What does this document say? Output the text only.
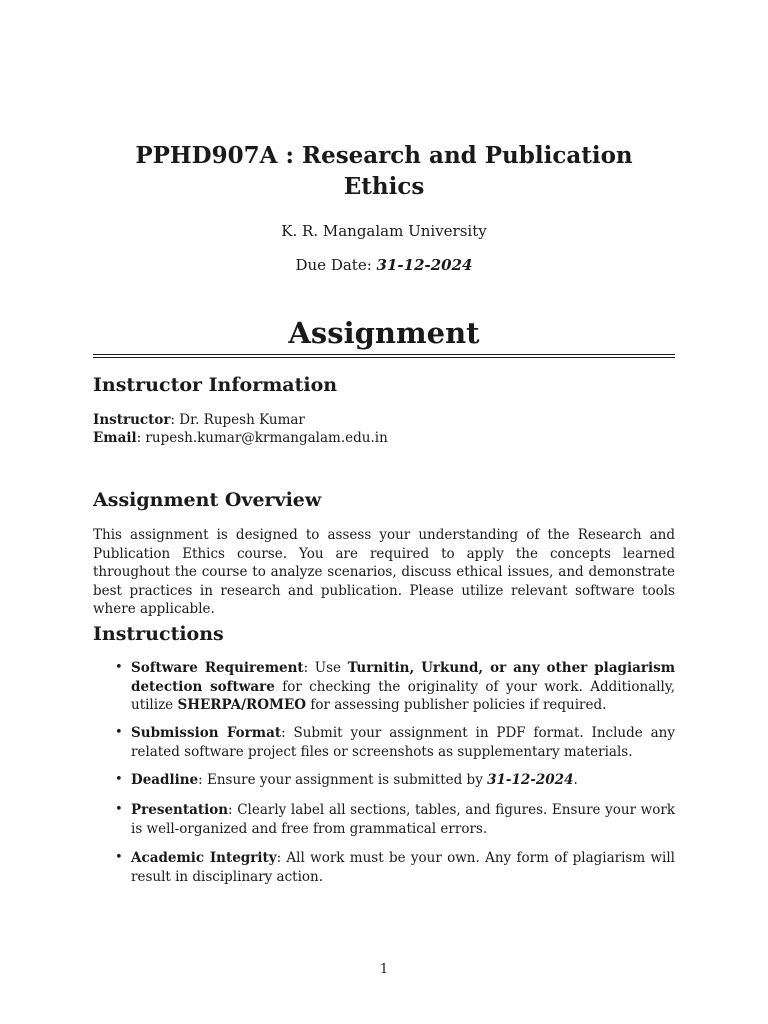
PPHD907A : Research and Publication Ethics
K. R. Mangalam University
Due Date: 31-12-2024
Assignment
Instructor Information
Instructor: Dr. Rupesh Kumar
Email: rupesh.kumar@krmangalam.edu.in
Assignment Overview
This assignment is designed to assess your understanding of the Research and Publication Ethics course. You are required to apply the concepts learned throughout the course to analyze scenarios, discuss ethical issues, and demonstrate best practices in research and publication. Please utilize relevant software tools where applicable.
Instructions
• Software Requirement: Use Turnitin, Urkund, or any other plagiarism detection software for checking the originality of your work. Additionally, utilize SHERPA/ROMEO for assessing publisher policies if required.
• Submission Format: Submit your assignment in PDF format. Include any related software project files or screenshots as supplementary materials.
• Deadline: Ensure your assignment is submitted by 31-12-2024.
• Presentation: Clearly label all sections, tables, and figures. Ensure your work is well-organized and free from grammatical errors.
• Academic Integrity: All work must be your own. Any form of plagiarism will result in disciplinary action.
1
